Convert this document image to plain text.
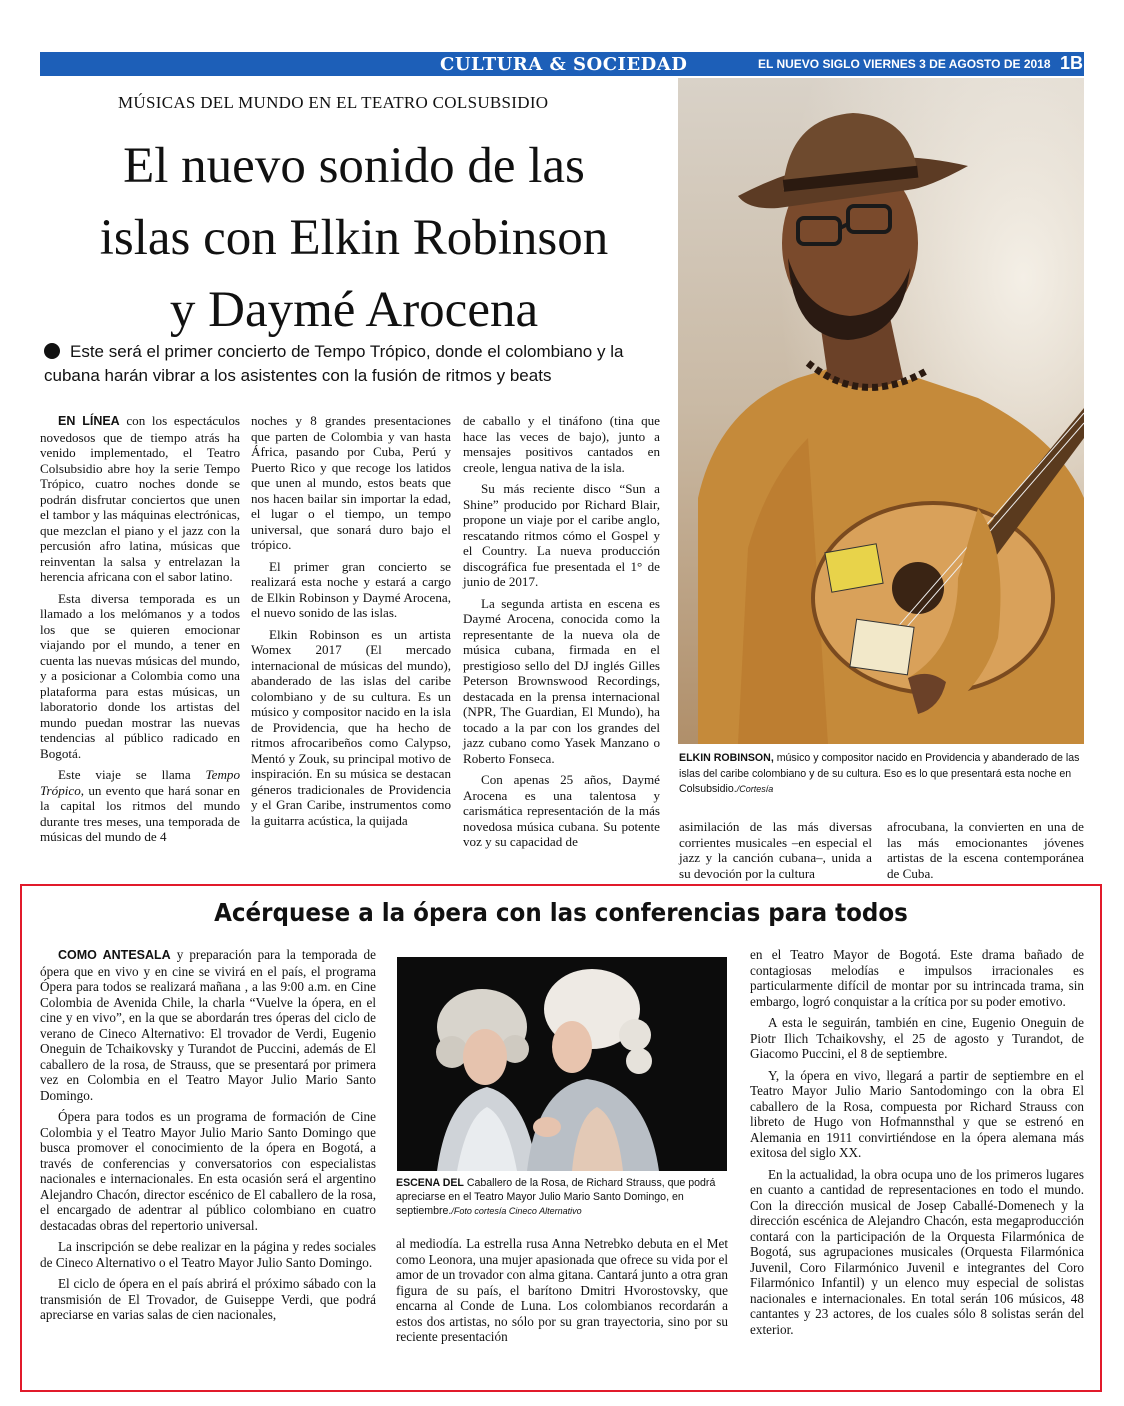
CULTURA & SOCIEDAD	EL NUEVO SIGLO VIERNES 3 DE AGOSTO DE 2018 1B
MÚSICAS DEL MUNDO EN EL TEATRO COLSUBSIDIO
El nuevo sonido de las
islas con Elkin Robinson
y Daymé Arocena
Este será el primer concierto de Tempo Trópico, donde el colombiano y la cubana harán vibrar a los asistentes con la fusión de ritmos y beats

EN LÍNEA con los espectáculos novedosos que de tiempo atrás ha venido implementado, el Teatro Colsubsidio abre hoy la serie Tempo Trópico, cuatro noches donde se podrán disfrutar conciertos que unen el tambor y las máquinas electrónicas, que mezclan el piano y el jazz con la percusión afro latina, músicas que reinventan la salsa y entrelazan la herencia africana con el sabor latino.

Esta diversa temporada es un llamado a los melómanos y a todos los que se quieren emocionar viajando por el mundo, a tener en cuenta las nuevas músicas del mundo, y a posicionar a Colombia como una plataforma para estas músicas, un laboratorio donde los artistas del mundo puedan mostrar las nuevas tendencias al público radicado en Bogotá.

Este viaje se llama Tempo Trópico, un evento que hará sonar en la capital los ritmos del mundo durante tres meses, una temporada de músicas del mundo de 4

noches y 8 grandes presentaciones que parten de Colombia y van hasta África, pasando por Cuba, Perú y Puerto Rico y que recoge los latidos que unen al mundo, estos beats que nos hacen bailar sin importar la edad, el lugar o el tiempo, un tempo universal, que sonará duro bajo el trópico.

El primer gran concierto se realizará esta noche y estará a cargo de Elkin Robinson y Daymé Arocena, el nuevo sonido de las islas.

Elkin Robinson es un artista Womex 2017 (El mercado internacional de músicas del mundo), abanderado de las islas del caribe colombiano y de su cultura. Es un músico y compositor nacido en la isla de Providencia, que ha hecho de ritmos afrocaribeños como Calypso, Mentó y Zouk, su principal motivo de inspiración. En su música se destacan géneros tradicionales de Providencia y el Gran Caribe, instrumentos como la guitarra acústica, la quijada

de caballo y el tináfono (tina que hace las veces de bajo), junto a mensajes positivos cantados en creole, lengua nativa de la isla.

Su más reciente disco “Sun a Shine” producido por Richard Blair, propone un viaje por el caribe anglo, rescatando ritmos cómo el Gospel y el Country. La nueva producción discográfica fue presentada el 1° de junio de 2017.

La segunda artista en escena es Daymé Arocena, conocida como la representante de la nueva ola de música cubana, firmada en el prestigioso sello del DJ inglés Gilles Peterson Brownswood Recordings, destacada en la prensa internacional (NPR, The Guardian, El Mundo), ha tocado a la par con los grandes del jazz cubano como Yasek Manzano o Roberto Fonseca.

Con apenas 25 años, Daymé Arocena es una talentosa y carismática representación de la más novedosa música cubana. Su potente voz y su capacidad de

asimilación de las más diversas corrientes musicales –en especial el jazz y la canción cubana–, unida a su devoción por la cultura

afrocubana, la convierten en una de las más emocionantes jóvenes artistas de la escena contemporánea de Cuba.

ELKIN ROBINSON, músico y compositor nacido en Providencia y abanderado de las islas del caribe colombiano y de su cultura. Eso es lo que presentará esta noche en Colsubsidio./Cortesía
Acérquese a la ópera con las conferencias para todos

COMO ANTESALA y preparación para la temporada de ópera que en vivo y en cine se vivirá en el país, el programa Ópera para todos se realizará mañana , a las 9:00 a.m. en Cine Colombia de Avenida Chile, la charla “Vuelve la ópera, en el cine y en vivo”, en la que se abordarán tres óperas del ciclo de verano de Cineco Alternativo: El trovador de Verdi, Eugenio Oneguin de Tchaikovsky y Turandot de Puccini, además de El caballero de la rosa, de Strauss, que se presentará por primera vez en Colombia en el Teatro Mayor Julio Mario Santo Domingo.

Ópera para todos es un programa de formación de Cine Colombia y el Teatro Mayor Julio Mario Santo Domingo que busca promover el conocimiento de la ópera en Bogotá, a través de conferencias y conversatorios con especialistas nacionales e internacionales. En esta ocasión será el argentino Alejandro Chacón, director escénico de El caballero de la rosa, el encargado de adentrar al público colombiano en cuatro destacadas obras del repertorio universal.

La inscripción se debe realizar en la página y redes sociales de Cineco Alternativo o el Teatro Mayor Julio Santo Domingo.

El ciclo de ópera en el país abrirá el próximo sábado con la transmisión de El Trovador, de Guiseppe Verdi, que podrá apreciarse en varias salas de cien nacionales,

ESCENA DEL Caballero de la Rosa, de Richard Strauss, que podrá apreciarse en el Teatro Mayor Julio Mario Santo Domingo, en septiembre./Foto cortesía Cineco Alternativo

al mediodía. La estrella rusa Anna Netrebko debuta en el Met como Leonora, una mujer apasionada que ofrece su vida por el amor de un trovador con alma gitana. Cantará junto a otra gran figura de su país, el barítono Dmitri Hvorostovsky, que encarna al Conde de Luna. Los colombianos recordarán a estos dos artistas, no sólo por su gran trayectoria, sino por su reciente presentación

en el Teatro Mayor de Bogotá. Este drama bañado de contagiosas melodías e impulsos irracionales es particularmente difícil de montar por su intrincada trama, sin embargo, logró conquistar a la crítica por su poder emotivo.

A esta le seguirán, también en cine, Eugenio Oneguin de Piotr Ilich Tchaikovshy, el 25 de agosto y Turandot, de Giacomo Puccini, el 8 de septiembre.

Y, la ópera en vivo, llegará a partir de septiembre en el Teatro Mayor Julio Mario Santodomingo con la obra El caballero de la Rosa, compuesta por Richard Strauss con libreto de Hugo von Hofmannsthal y que se estrenó en Alemania en 1911 convirtiéndose en la ópera alemana más exitosa del siglo XX.

En la actualidad, la obra ocupa uno de los primeros lugares en cuanto a cantidad de representaciones en todo el mundo. Con la dirección musical de Josep Caballé-Domenech y la dirección escénica de Alejandro Chacón, esta megaproducción contará con la participación de la Orquesta Filarmónica de Bogotá, sus agrupaciones musicales (Orquesta Filarmónica Juvenil, Coro Filarmónico Juvenil e integrantes del Coro Filarmónico Infantil) y un elenco muy especial de solistas nacionales e internacionales. En total serán 106 músicos, 48 cantantes y 23 actores, de los cuales sólo 8 solistas serán del exterior.
